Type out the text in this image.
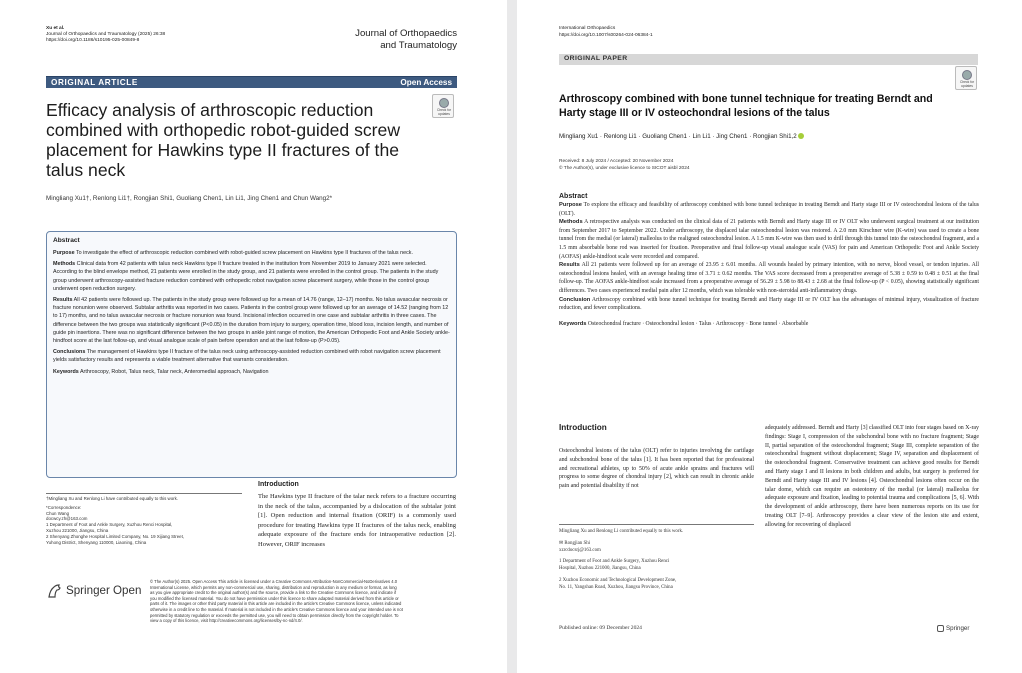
Xu et al.
Journal of Orthopaedics and Traumatology (2025) 26:38
https://doi.org/10.1186/s10195-025-00849-8
Journal of Orthopaedics
and Traumatology
ORIGINAL ARTICLE	Open Access
Check for
updates
Efficacy analysis of arthroscopic reduction combined with orthopedic robot-guided screw placement for Hawkins type II fractures of the talus neck
Mingliang Xu1†, Renlong Li1†, Rongjian Shi1, Guoliang Chen1, Lin Li1, Jing Chen1 and Chun Wang2*
Abstract
Purpose To investigate the effect of arthroscopic reduction combined with robot-guided screw placement on Hawkins type II fractures of the talus neck.
Methods Clinical data from 42 patients with talus neck Hawkins type II fracture treated in the institution from November 2019 to January 2021 were selected. According to the blind envelope method, 21 patients were enrolled in the study group, and 21 patients were enrolled in the control group. The patients in the study group underwent arthroscopy-assisted fracture reduction combined with orthopedic robot navigation screw placement surgery, while those in the control group underwent open reduction surgery.
Results All 42 patients were followed up. The patients in the study group were followed up for a mean of 14.76 (range, 12–17) months. No talus avascular necrosis or fracture nonunion were observed. Subtalar arthritis was reported in two cases. Patients in the control group were followed up for an average of 14.52 (ranging from 12 to 17) months, and no talus avascular necrosis or fracture nonunion was found. Incisional infection occurred in one case and subtalar arthritis in three cases. The difference between the two groups was statistically significant (P<0.05) in the duration from injury to surgery, operation time, blood loss, incision length, and number of guide pin insertions. There was no significant difference between the two groups in ankle joint range of motion, the American Orthopedic Foot and Ankle Society ankle-hindfoot score at the last follow-up, and visual analogue scale of pain before operation and at the last follow-up (P>0.05).
Conclusions The management of Hawkins type II fracture of the talus neck using arthroscopy-assisted reduction combined with robot navigation screw placement yields satisfactory results and represents a viable treatment alternative that warrants consideration.
Keywords Arthroscopy, Robot, Talus neck, Talar neck, Anteromedial approach, Navigation
†Mingliang Xu and Renlong Li have contributed equally to this work.
*Correspondence:
Chun Wang
docwcy.zh@163.com
1 Department of Foot and Ankle Surgery, Xuzhou Renci Hospital,
Xuzhou 221000, Jiangsu, China
2 Shenyang Zhonghe Hospital Limited Company, No. 19 Xijiang Street,
Yuhong District, Shenyang 110000, Liaoning, China
Introduction
The Hawkins type II fracture of the talar neck refers to a fracture occurring in the neck of the talus, accompanied by a dislocation of the subtalar joint [1]. Open reduction and internal fixation (ORIF) is a commonly used procedure for treating Hawkins type II fractures of the talus neck, enabling adequate exposure of the fracture ends for intraoperative reduction [2]. However, ORIF increases
Springer Open
© The Author(s) 2025. Open Access This article is licensed under a Creative Commons Attribution-NonCommercial-NoDerivatives 4.0
International License, which permits any non-commercial use, sharing, distribution and reproduction in any medium or format, as long
as you give appropriate credit to the original author(s) and the source, provide a link to the Creative Commons licence, and indicate if
you modified the licensed material. You do not have permission under this licence to share adapted material derived from this article or
parts of it. The images or other third party material in this article are included in the article's Creative Commons licence, unless indicated
otherwise in a credit line to the material. If material is not included in the article's Creative Commons licence and your intended use is not
permitted by statutory regulation or exceeds the permitted use, you will need to obtain permission directly from the copyright holder. To
view a copy of this licence, visit http://creativecommons.org/licenses/by-nc-nd/4.0/.
International Orthopaedics
https://doi.org/10.1007/s00264-024-06384-1
ORIGINAL PAPER
Check for
updates
Arthroscopy combined with bone tunnel technique for treating Berndt and Harty stage III or IV osteochondral lesions of the talus
Mingliang Xu1 · Renlong Li1 · Guoliang Chen1 · Lin Li1 · Jing Chen1 · Rongjian Shi1,2
Received: 8 July 2024 / Accepted: 20 November 2024
© The Author(s), under exclusive licence to SICOT aisbl 2024
Abstract
Purpose To explore the efficacy and feasibility of arthroscopy combined with bone tunnel technique in treating Berndt and Harty stage III or IV osteochondral lesions of the talus (OLT).
Methods A retrospective analysis was conducted on the clinical data of 21 patients with Berndt and Harty stage III or IV OLT who underwent surgical treatment at our institution from September 2017 to September 2022. Under arthroscopy, the displaced talar osteochondral lesion was restored. A 2.0 mm Kirschner wire (K-wire) was used to create a bone tunnel from the medial (or lateral) malleolus to the realigned osteochondral lesion. A 1.5 mm K-wire was then used to drill through this tunnel into the osteochondral fragment, and a 1.5 mm absorbable bone rod was inserted for fixation. Preoperative and final follow-up visual analogue scale (VAS) for pain and American Orthopedic Foot and Ankle Society (AOFAS) ankle-hindfoot scale were recorded and compared.
Results All 21 patients were followed up for an average of 23.95 ± 6.01 months. All wounds healed by primary intention, with no nerve, blood vessel, or tendon injuries. All osteochondral lesions healed, with an average healing time of 3.71 ± 0.62 months. The VAS score decreased from a preoperative average of 5.38 ± 0.59 to 0.48 ± 0.51 at the final follow-up. The AOFAS ankle-hindfoot scale increased from a preoperative average of 56.29 ± 5.98 to 88.43 ± 2.68 at the final follow-up (P < 0.05), showing statistically significant differences. Two cases experienced medial pain after 12 months, which was tolerable with non-steroidal anti-inflammatory drugs.
Conclusion Arthroscopy combined with bone tunnel technique for treating Berndt and Harty stage III or IV OLT has the advantages of minimal injury, visualization of fracture reduction, and fewer complications.
Keywords Osteochondral fracture · Osteochondral lesion · Talus · Arthroscopy · Bone tunnel · Absorbable
Introduction
Osteochondral lesions of the talus (OLT) refer to injuries involving the cartilage and subchondral bone of the talus [1]. It has been reported that for professional and recreational athletes, up to 50% of acute ankle sprains and fractures will progress to some degree of chondral injury [2], which can result in chronic ankle pain and potential disability if not
Mingliang Xu and Renlong Li contributed equally to this work.
✉ Rongjian Shi
xzrcdocsrj@163.com
1 Department of Foot and Ankle Surgery, Xuzhou Renci
Hospital, Xuzhou 221000, Jiangsu, China
2 Xuzhou Economic and Technological Development Zone,
No. 11, Yangshan Road, Xuzhou, Jiangsu Province, China
adequately addressed. Berndt and Harty [3] classified OLT into four stages based on X-ray findings: Stage I, compression of the subchondral bone with no fracture fragment; Stage II, partial separation of the osteochondral fragment; Stage III, complete separation of the osteochondral fragment without displacement; Stage IV, separation and displacement of the osteochondral fragment. Conservative treatment can achieve good results for Berndt and Harty stage I and II lesions in both children and adults, but surgery is preferred for Berndt and Harty stage III and IV lesions [4]. Osteochondral lesions often occur on the talar dome, which can require an osteotomy of the medial (or lateral) malleolus for adequate exposure and fixation, leading to potential trauma and complications [5, 6]. With the development of ankle arthroscopy, there have been numerous reports on its use for treating OLT [7–9]. Arthroscopy provides a clear view of the lesion site and extent, allowing for recovering of displaced
Published online: 09 December 2024	Springer
